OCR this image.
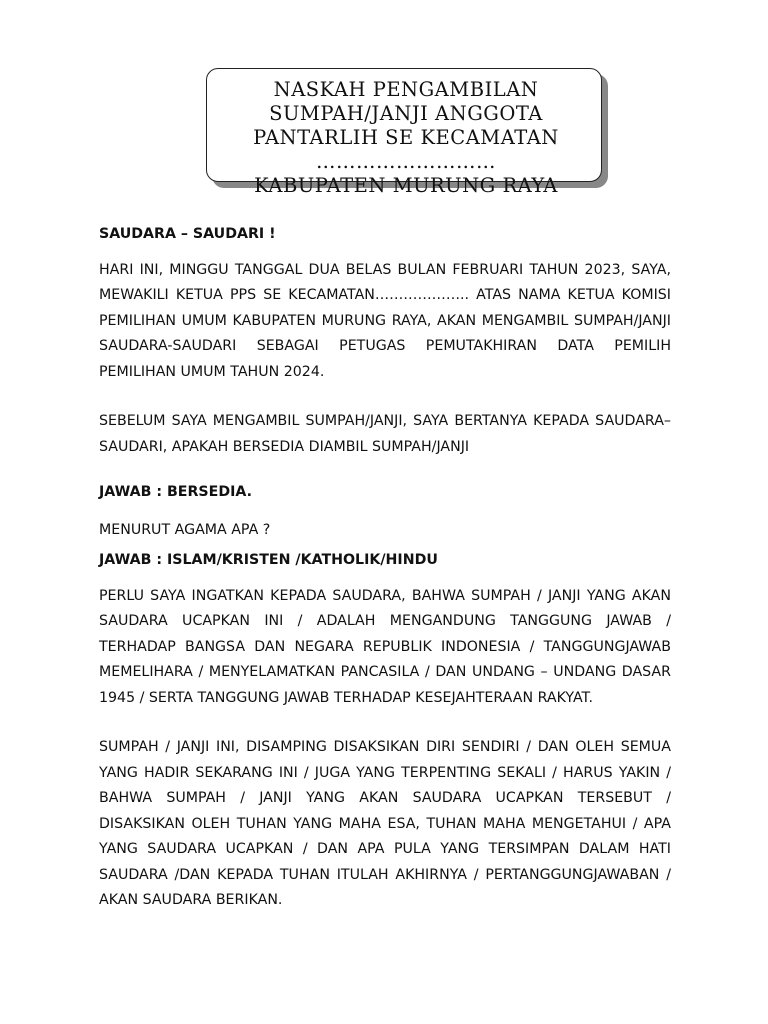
NASKAH PENGAMBILAN
SUMPAH/JANJI ANGGOTA
PANTARLIH SE KECAMATAN
………………………
KABUPATEN MURUNG RAYA

SAUDARA – SAUDARI !

HARI INI, MINGGU TANGGAL DUA BELAS BULAN FEBRUARI TAHUN 2023, SAYA, MEWAKILI KETUA PPS SE KECAMATAN……………….. ATAS NAMA KETUA KOMISI PEMILIHAN UMUM KABUPATEN MURUNG RAYA, AKAN MENGAMBIL SUMPAH/JANJI SAUDARA-SAUDARI SEBAGAI PETUGAS PEMUTAKHIRAN DATA PEMILIH PEMILIHAN UMUM TAHUN 2024.

SEBELUM SAYA MENGAMBIL SUMPAH/JANJI, SAYA BERTANYA KEPADA SAUDARA–SAUDARI, APAKAH BERSEDIA DIAMBIL SUMPAH/JANJI

JAWAB : BERSEDIA.

MENURUT AGAMA APA ?

JAWAB : ISLAM/KRISTEN /KATHOLIK/HINDU

PERLU SAYA INGATKAN KEPADA SAUDARA, BAHWA SUMPAH / JANJI YANG AKAN SAUDARA UCAPKAN INI / ADALAH MENGANDUNG TANGGUNG JAWAB / TERHADAP BANGSA DAN NEGARA REPUBLIK INDONESIA / TANGGUNGJAWAB MEMELIHARA / MENYELAMATKAN PANCASILA / DAN UNDANG – UNDANG DASAR 1945 / SERTA TANGGUNG JAWAB TERHADAP KESEJAHTERAAN RAKYAT.

SUMPAH / JANJI INI, DISAMPING DISAKSIKAN DIRI SENDIRI / DAN OLEH SEMUA YANG HADIR SEKARANG INI / JUGA YANG TERPENTING SEKALI / HARUS YAKIN / BAHWA SUMPAH / JANJI YANG AKAN SAUDARA UCAPKAN TERSEBUT / DISAKSIKAN OLEH TUHAN YANG MAHA ESA, TUHAN MAHA MENGETAHUI / APA YANG SAUDARA UCAPKAN / DAN APA PULA YANG TERSIMPAN DALAM HATI SAUDARA /DAN KEPADA TUHAN ITULAH AKHIRNYA / PERTANGGUNGJAWABAN / AKAN SAUDARA BERIKAN.
